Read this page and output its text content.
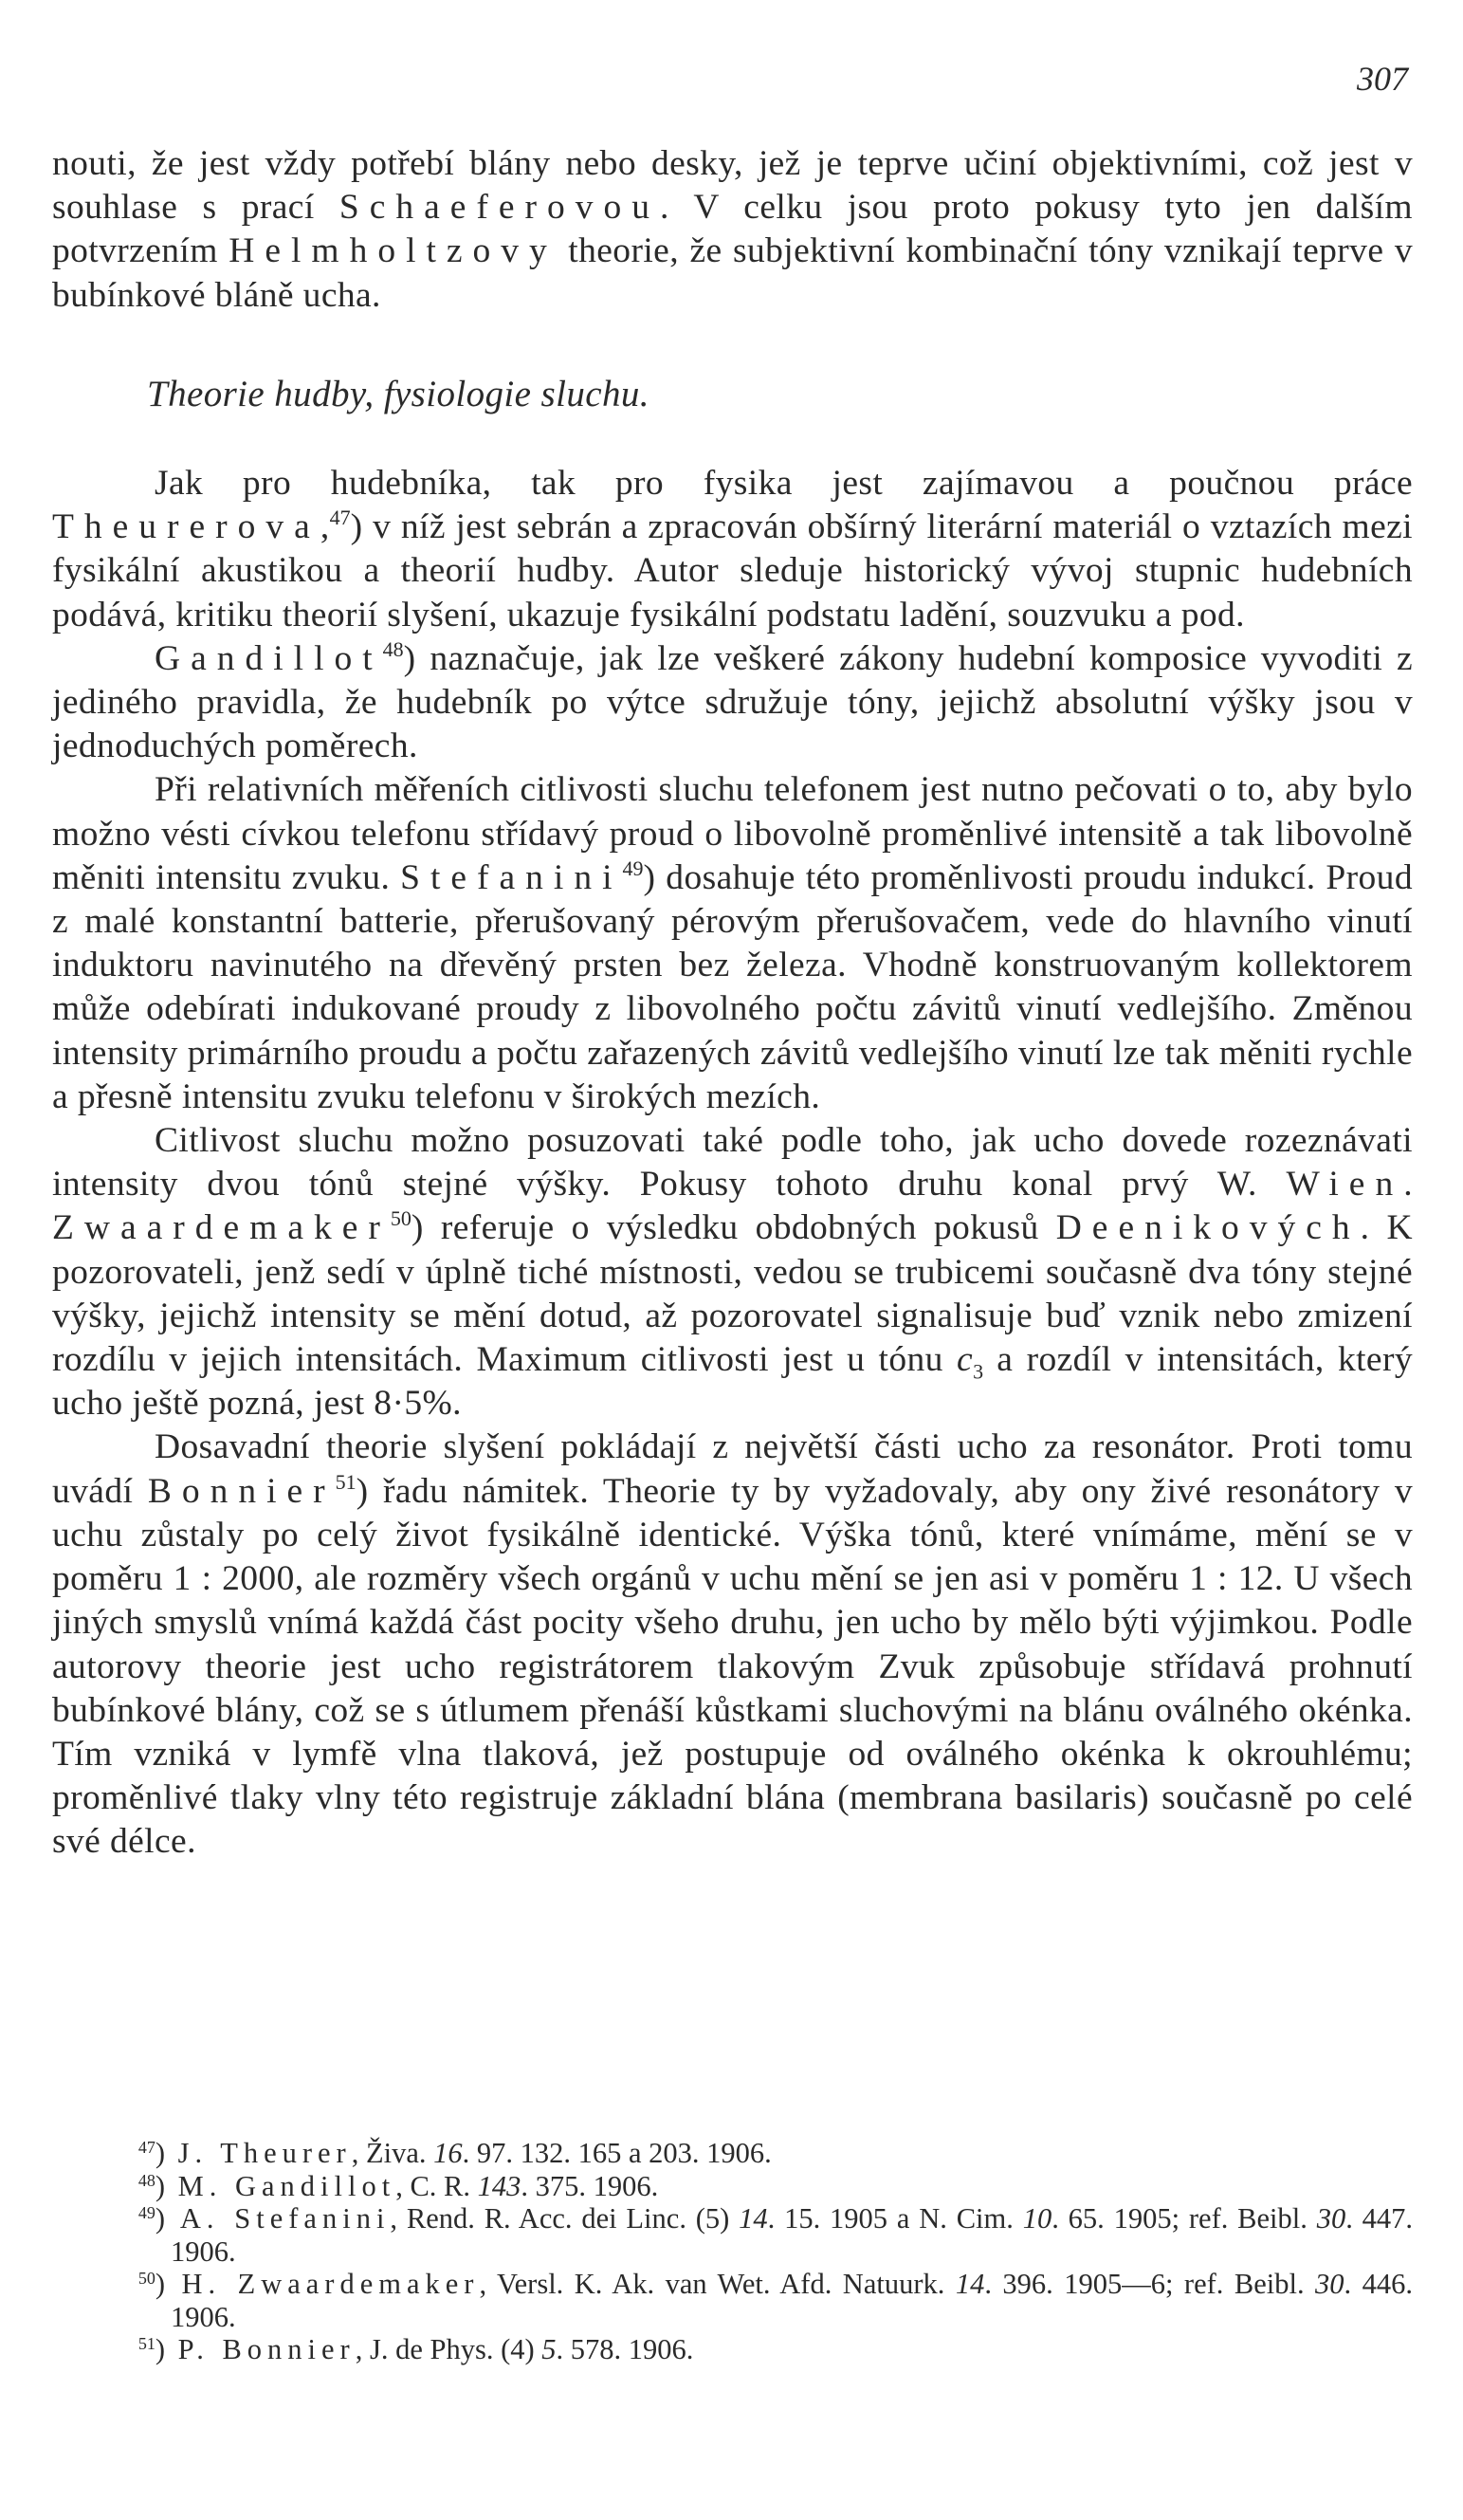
307

nouti, že jest vždy potřebí blány nebo desky, jež je teprve učiní objektivními, což jest v souhlase s prací Schaeferovou. V celku jsou proto pokusy tyto jen dalším potvrzením Helmholtzovy theorie, že subjektivní kombinační tóny vznikají teprve v bubínkové bláně ucha.

Theorie hudby, fysiologie sluchu.

Jak pro hudebníka, tak pro fysika jest zajímavou a poučnou práce Theurerova,$^{47}$) v níž jest sebrán a zpracován obšírný literární materiál o vztazích mezi fysikální akustikou a theorií hudby. Autor sleduje historický vývoj stupnic hudebních podává, kritiku theorií slyšení, ukazuje fysikální podstatu ladění, souzvuku a pod.

Gandillot$^{48}$) naznačuje, jak lze veškeré zákony hudební komposice vyvoditi z jediného pravidla, že hudebník po výtce sdružuje tóny, jejichž absolutní výšky jsou v jednoduchých poměrech.

Při relativních měřeních citlivosti sluchu telefonem jest nutno pečovati o to, aby bylo možno vésti cívkou telefonu střídavý proud o libovolně proměnlivé intensitě a tak libovolně měniti intensitu zvuku. Stefanini$^{49}$) dosahuje této proměnlivosti proudu indukcí. Proud z malé konstantní batterie, přerušovaný pérovým přerušovačem, vede do hlavního vinutí induktoru navinutého na dřevěný prsten bez železa. Vhodně konstruovaným kollektorem může odebírati indukované proudy z libovolného počtu závitů vinutí vedlejšího. Změnou intensity primárního proudu a počtu zařazených závitů vedlejšího vinutí lze tak měniti rychle a přesně intensitu zvuku telefonu v širokých mezích.

Citlivost sluchu možno posuzovati také podle toho, jak ucho dovede rozeznávati intensity dvou tónů stejné výšky. Pokusy tohoto druhu konal prvý W. Wien. Zwaardemaker$^{50}$) referuje o výsledku obdobných pokusů Deenikových. K pozorovateli, jenž sedí v úplně tiché místnosti, vedou se trubicemi současně dva tóny stejné výšky, jejichž intensity se mění dotud, až pozorovatel signalisuje buď vznik nebo zmizení rozdílu v jejich intensitách. Maximum citlivosti jest u tónu $c_3$ a rozdíl v intensitách, který ucho ještě pozná, jest 8·5%.

Dosavadní theorie slyšení pokládají z největší části ucho za resonátor. Proti tomu uvádí Bonnier$^{51}$) řadu námitek. Theorie ty by vyžadovaly, aby ony živé resonátory v uchu zůstaly po celý život fysikálně identické. Výška tónů, které vnímáme, mění se v poměru 1 : 2000, ale rozměry všech orgánů v uchu mění se jen asi v poměru 1 : 12. U všech jiných smyslů vnímá každá část pocity všeho druhu, jen ucho by mělo býti výjimkou. Podle autorovy theorie jest ucho registrátorem tlakovým Zvuk způsobuje střídavá prohnutí bubínkové blány, což se s útlumem přenáší kůstkami sluchovými na blánu oválného okénka. Tím vzniká v lymfě vlna tlaková, jež postupuje od oválného okénka k okrouhlému; proměnlivé tlaky vlny této registruje základní blána (membrana basilaris) současně po celé své délce.

$^{47}$) J. Theurer, Živa. 16. 97. 132. 165 a 203. 1906.

$^{48}$) M. Gandillot, C. R. 143. 375. 1906.

$^{49}$) A. Stefanini, Rend. R. Acc. dei Linc. (5) 14. 15. 1905 a N. Cim. 10. 65. 1905; ref. Beibl. 30. 447. 1906.

$^{50}$) H. Zwaardemaker, Versl. K. Ak. van Wet. Afd. Natuurk. 14. 396. 1905—6; ref. Beibl. 30. 446. 1906.

$^{51}$) P. Bonnier, J. de Phys. (4) 5. 578. 1906.
